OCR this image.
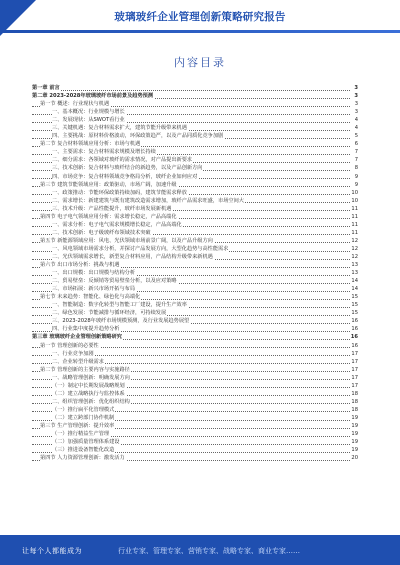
玻璃玻纤企业管理创新策略研究报告
内容目录
第一章 前言	3
第二章 2023-2028年玻璃玻纤市场前景及趋势预测	3
第一节 概述：行业现状与机遇	3
一、基本概况：行业规模与增长	3
二、发展现状：从SWOT看行业	4
三、关键机遇：复合材料需求扩大，建筑节能升级带来机遇	4
四、主要挑战：原材料价格波动，环保政策趋严，以及产品同质化竞争加剧	5
第二节 复合材料领域应用分析：市场与机遇	6
一、主要需求：复合材料需求规模及增长持续	7
二、细分需求：各领域对玻纤的需求情况，对产品提出新要求	7
三、技术创新：复合材料与玻纤结合的新趋势，以及产品创新方向	8
四、市场竞争：复合材料领域竞争格局分析，玻纤企业如何应对	9
第三节 建筑节能领域应用：政策驱动，市场广阔，加速升级	9
一、政策推动：节能环保政策持续加码，建筑节能需求释放	10
二、需求增长：新建建筑与既有建筑改造需求增加，玻纤产品需求旺盛，市场空间大	10
三、技术升级：产品性能提升，玻纤市场发展新机遇	11
第四节 电子电气领域应用分析：需求增长稳定，产品高端化	11
一、需求分析：电子电气需求规模增长稳定，产品高端化	11
二、技术创新：电子级玻纤布领域技术突破	11
第五节 新能源领域应用：风电、光伏领域市场前景广阔，以及产品升级方向	12
一、风电领域市场需求分析，并探讨产品发展方向，大型化趋势与高性能需求	12
二、光伏领域需求增长，新型复合材料应用，产品结构升级带来新机遇	12
第六节 出口市场分析：挑战与机遇	13
一、出口规模：出口规模与结构分析	13
二、贸易壁垒：反倾销等贸易壁垒分析，以及应对策略	14
三、市场拓展：新兴市场开拓与布局	14
第七节 未来趋势：智能化、绿色化与高端化	15
一、智能制造：数字化转型与智能工厂建设，提升生产效率	15
二、绿色发展：节能减排与循环经济，可持续发展	15
三、2023-2028年玻纤市场规模预测，及行业发展趋势展望	16
四、行业集中度提升趋势分析	16
第三章 玻璃玻纤企业管理创新策略研究	16
第一节 管理创新的必要性	16
一、行业竞争加剧	17
二、企业转型升级需求	17
第二节 管理创新的主要内容与实施路径	17
一、战略管理创新：明确发展方向	17
（一）制定中长期发展战略规划	17
（二）建立战略执行与监控体系	18
二、组织管理创新：优化组织结构	18
（一）推行扁平化管理模式	18
（二）建立跨部门协作机制	19
第三节 生产管理创新：提升效率	19
（一）推行精益生产管理	19
（二）加强质量管理体系建设	19
（三）推进设备智能化改造	19
第四节 人力资源管理创新：激发活力	20
让每个人都能成为	行业专家、管理专家、营销专家、战略专家、商业专家……
